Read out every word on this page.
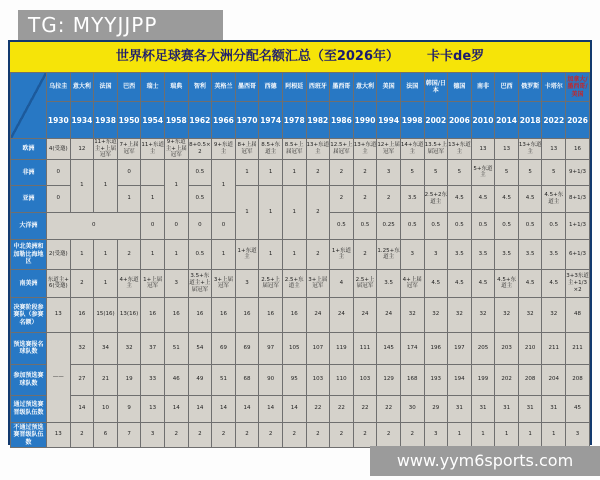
TG: MYYJJPP
世界杯足球赛各大洲分配名额汇总（至2026年） 卡卡de罗
	乌拉圭	意大利	法国	巴西	瑞士	瑞典	智利	英格兰	墨西哥	西德	阿根廷	西班牙	墨西哥	意大利	美国	法国	韩国/日本	德国	南非	巴西	俄罗斯	卡塔尔	加拿大/墨西哥/美国
	1930	1934	1938	1950	1954	1958	1962	1966	1970	1974	1978	1982	1986	1990	1994	1998	2002	2006	2010	2014	2018	2022	2026
欧洲	4(受邀)	12	11+东道主+上届冠军	7+上届冠军	11+东道主	9+东道主+上届冠军	8+0.5×2	9+东道主	8+上届冠军	8.5+东道主	8.5+上届冠军	13+东道主	12.5+上届冠军	13+东道主	12+上届冠军	14+东道主	13.5+上届冠军	13+东道主	13	13	13+东道主	13	16
非洲	0	1	1	0		1	0.5	1	1	1	1	2	2	2	3	5	5	5	5+东道主	5	5	5	9+1/3
亚洲	0			1	1		0.5		1	1	1	2	2	2	2	3.5	2.5+2东道主	4.5	4.5	4.5	4.5	4.5+东道主	8+1/3
大洋洲	0				0	0	0	0					0.5	0.5	0.25	0.5	0.5	0.5	0.5	0.5	0.5	0.5	1+1/3
中北美洲和加勒比海地区	2(受邀)	1	1	2	1	1	0.5	1	1+东道主	1	1	2	1+东道主	2	1.25+东道主	3	3	3.5	3.5	3.5	3.5	3.5	6+1/3
南美洲	东道主+6(受邀)	2	1	4+东道主	1+上届冠军	3	3.5+东道主+上届冠军	3+上届冠军	3	2.5+上届冠军	2.5+东道主	3+上届冠军	4	2.5+上届冠军	3.5	4+上届冠军	4.5	4.5	4.5	4.5+东道主	4.5	4.5	3+3东道主+1/3×2
决赛阶段参赛队（参赛名额）	13	16	15(16)	13(16)	16	16	16	16	16	16	16	24	24	24	24	32	32	32	32	32	32	32	48
预选赛报名球队数	——	32	34	32	37	51	54	69	69	97	105	107	119	111	145	174	196	197	205	203	210	211	211
参加预选赛球队数		27	21	19	33	46	49	51	68	90	95	103	110	103	129	168	193	194	199	202	208	204	208
通过预选赛晋级队伍数		14	10	9	13	14	14	14	14	14	14	22	22	22	22	30	29	31	31	31	31	31	45
不通过预选赛晋级队伍数	13	2	6	7	3	2	2	2	2	2	2	2	2	2	2	2	3	1	1	1	1	1	3
www.yym6sports.com
